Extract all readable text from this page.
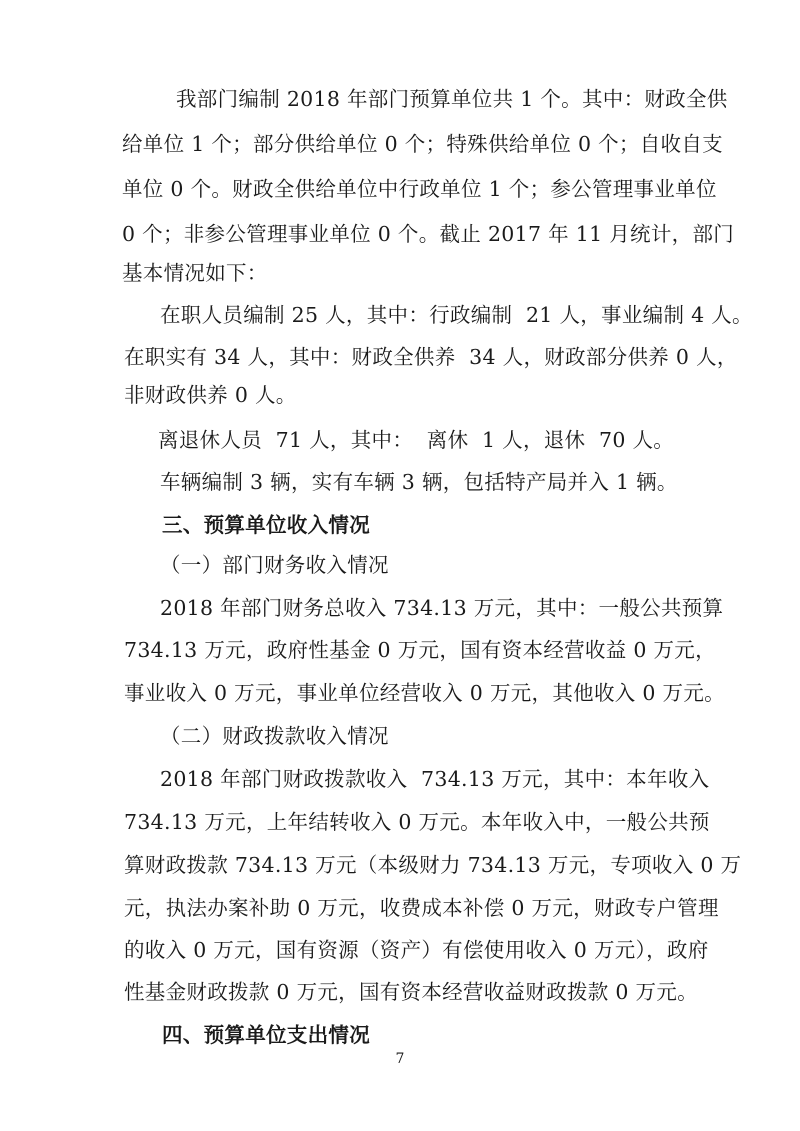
我部门编制 2018 年部门预算单位共 1 个。其中：财政全供
给单位 1 个；部分供给单位 0 个；特殊供给单位 0 个；自收自支
单位 0 个。财政全供给单位中行政单位 1 个；参公管理事业单位
0 个；非参公管理事业单位 0 个。截止 2017 年 11 月统计，部门
基本情况如下：
在职人员编制 25 人，其中：行政编制  21 人，事业编制 4 人。
在职实有 34 人，其中：财政全供养  34 人，财政部分供养 0 人，
非财政供养 0 人。
离退休人员  71 人，其中：  离休  1 人，退休  70 人。
车辆编制 3 辆，实有车辆 3 辆，包括特产局并入 1 辆。
三、预算单位收入情况
（一）部门财务收入情况
2018 年部门财务总收入 734.13 万元，其中：一般公共预算
734.13 万元，政府性基金 0 万元，国有资本经营收益 0 万元，
事业收入 0 万元，事业单位经营收入 0 万元，其他收入 0 万元。
（二）财政拨款收入情况
2018 年部门财政拨款收入  734.13 万元，其中：本年收入
734.13 万元，上年结转收入 0 万元。本年收入中，一般公共预
算财政拨款 734.13 万元（本级财力 734.13 万元，专项收入 0 万
元，执法办案补助 0 万元，收费成本补偿 0 万元，财政专户管理
的收入 0 万元，国有资源（资产）有偿使用收入 0 万元），政府
性基金财政拨款 0 万元，国有资本经营收益财政拨款 0 万元。
四、预算单位支出情况
7
